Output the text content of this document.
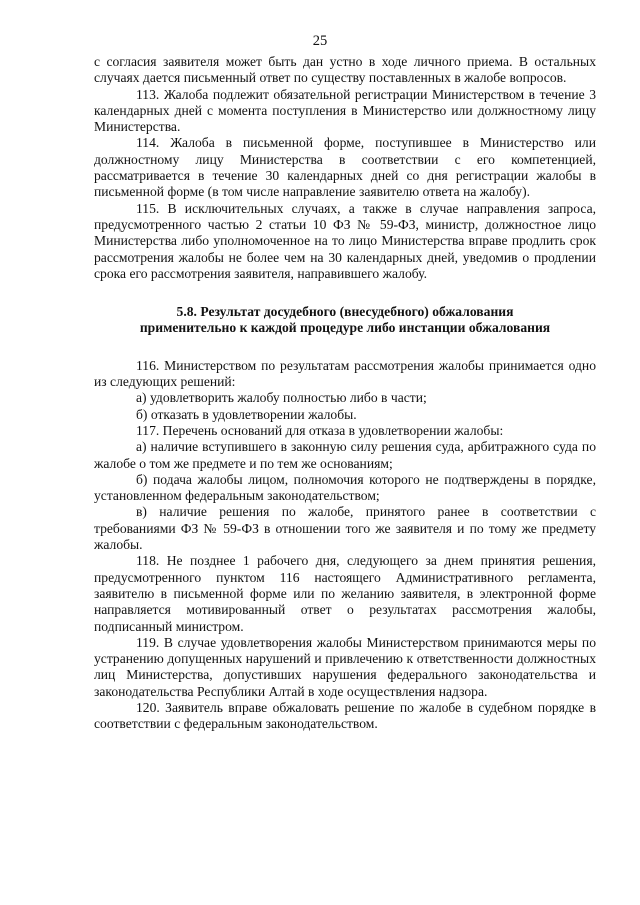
25

с согласия заявителя может быть дан устно в ходе личного приема. В остальных случаях дается письменный ответ по существу поставленных в жалобе вопросов.

113. Жалоба подлежит обязательной регистрации Министерством в течение 3 календарных дней с момента поступления в Министерство или должностному лицу Министерства.

114. Жалоба в письменной форме, поступившее в Министерство или должностному лицу Министерства в соответствии с его компетенцией, рассматривается в течение 30 календарных дней со дня регистрации жалобы в письменной форме (в том числе направление заявителю ответа на жалобу).

115. В исключительных случаях, а также в случае направления запроса, предусмотренного частью 2 статьи 10 ФЗ № 59-ФЗ, министр, должностное лицо Министерства либо уполномоченное на то лицо Министерства вправе продлить срок рассмотрения жалобы не более чем на 30 календарных дней, уведомив о продлении срока его рассмотрения заявителя, направившего жалобу.

5.8. Результат досудебного (внесудебного) обжалования
применительно к каждой процедуре либо инстанции обжалования

116. Министерством по результатам рассмотрения жалобы принимается одно из следующих решений:

а) удовлетворить жалобу полностью либо в части;

б) отказать в удовлетворении жалобы.

117. Перечень оснований для отказа в удовлетворении жалобы:

а) наличие вступившего в законную силу решения суда, арбитражного суда по жалобе о том же предмете и по тем же основаниям;

б) подача жалобы лицом, полномочия которого не подтверждены в порядке, установленном федеральным законодательством;

в) наличие решения по жалобе, принятого ранее в соответствии с требованиями ФЗ № 59-ФЗ в отношении того же заявителя и по тому же предмету жалобы.

118. Не позднее 1 рабочего дня, следующего за днем принятия решения, предусмотренного пунктом 116 настоящего Административного регламента, заявителю в письменной форме или по желанию заявителя, в электронной форме направляется мотивированный ответ о результатах рассмотрения жалобы, подписанный министром.

119. В случае удовлетворения жалобы Министерством принимаются меры по устранению допущенных нарушений и привлечению к ответственности должностных лиц Министерства, допустивших нарушения федерального законодательства и законодательства Республики Алтай в ходе осуществления надзора.

120. Заявитель вправе обжаловать решение по жалобе в судебном порядке в соответствии с федеральным законодательством.
